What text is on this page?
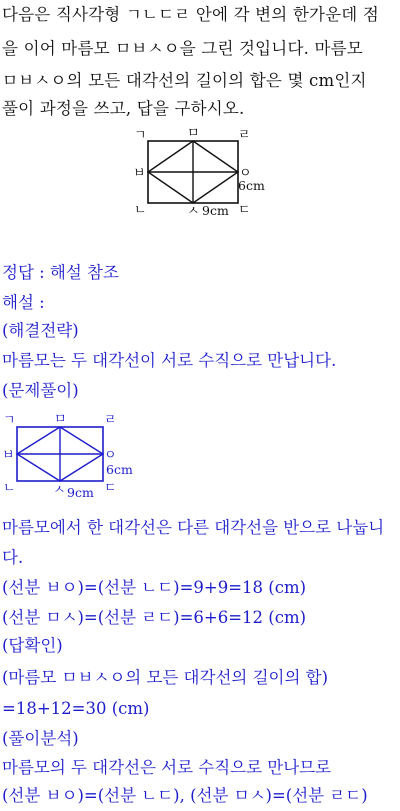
다음은 직사각형 ㄱㄴㄷㄹ 안에 각 변의 한가운데 점
을 이어 마름모 ㅁㅂㅅㅇ을 그린 것입니다. 마름모
ㅁㅂㅅㅇ의 모든 대각선의 길이의 합은 몇 cm인지
풀이 과정을 쓰고, 답을 구하시오.
ㄱ	ㅁ	ㄹ
ㅂ	ㅇ
ㄴ	ㅅ	ㄷ
6cm
9cm
정답 : 해설 참조
해설 :
(해결전략)
마름모는 두 대각선이 서로 수직으로 만납니다.
(문제풀이)
ㄱ	ㅁ	ㄹ
ㅂ	ㅇ
ㄴ	ㅅ	ㄷ
6cm
9cm
마름모에서 한 대각선은 다른 대각선을 반으로 나눕니
다.
(선분 ㅂㅇ)=(선분 ㄴㄷ)=9+9=18 (cm)
(선분 ㅁㅅ)=(선분 ㄹㄷ)=6+6=12 (cm)
(답확인)
(마름모 ㅁㅂㅅㅇ의 모든 대각선의 길이의 합)
=18+12=30 (cm)
(풀이분석)
마름모의 두 대각선은 서로 수직으로 만나므로
(선분 ㅂㅇ)=(선분 ㄴㄷ), (선분 ㅁㅅ)=(선분 ㄹㄷ)
